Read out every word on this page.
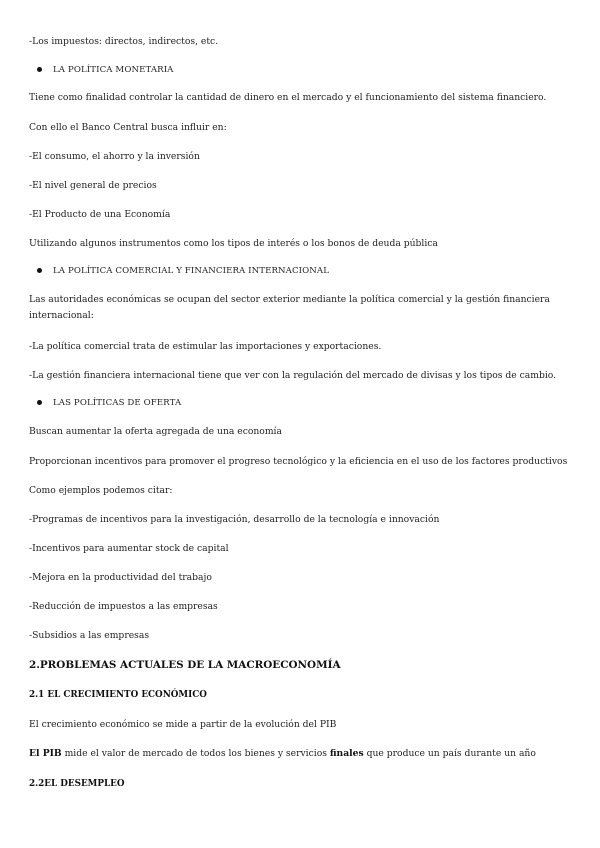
-Los impuestos: directos, indirectos, etc.
LA POLÍTICA MONETARIA
Tiene como finalidad controlar la cantidad de dinero en el mercado y el funcionamiento del sistema financiero.
Con ello el Banco Central busca influir en:
-El consumo, el ahorro y la inversión
-El nivel general de precios
-El Producto de una Economía
Utilizando algunos instrumentos como los tipos de interés o los bonos de deuda pública
LA POLÍTICA COMERCIAL Y FINANCIERA INTERNACIONAL
Las autoridades económicas se ocupan del sector exterior mediante la política comercial y la gestión financiera internacional:
-La política comercial trata de estimular las importaciones y exportaciones.
-La gestión financiera internacional tiene que ver con la regulación del mercado de divisas y los tipos de cambio.
LAS POLÍTICAS DE OFERTA
Buscan aumentar la oferta agregada de una economía
Proporcionan incentivos para promover el progreso tecnológico y la eficiencia en el uso de los factores productivos
Como ejemplos podemos citar:
-Programas de incentivos para la investigación, desarrollo de la tecnología e innovación
-Incentivos para aumentar stock de capital
-Mejora en la productividad del trabajo
-Reducción de impuestos a las empresas
-Subsidios a las empresas
2.PROBLEMAS ACTUALES DE LA MACROECONOMÍA
2.1 EL CRECIMIENTO ECONÓMICO
El crecimiento económico se mide a partir de la evolución del PIB
El PIB mide el valor de mercado de todos los bienes y servicios finales que produce un país durante un año
2.2EL DESEMPLEO
